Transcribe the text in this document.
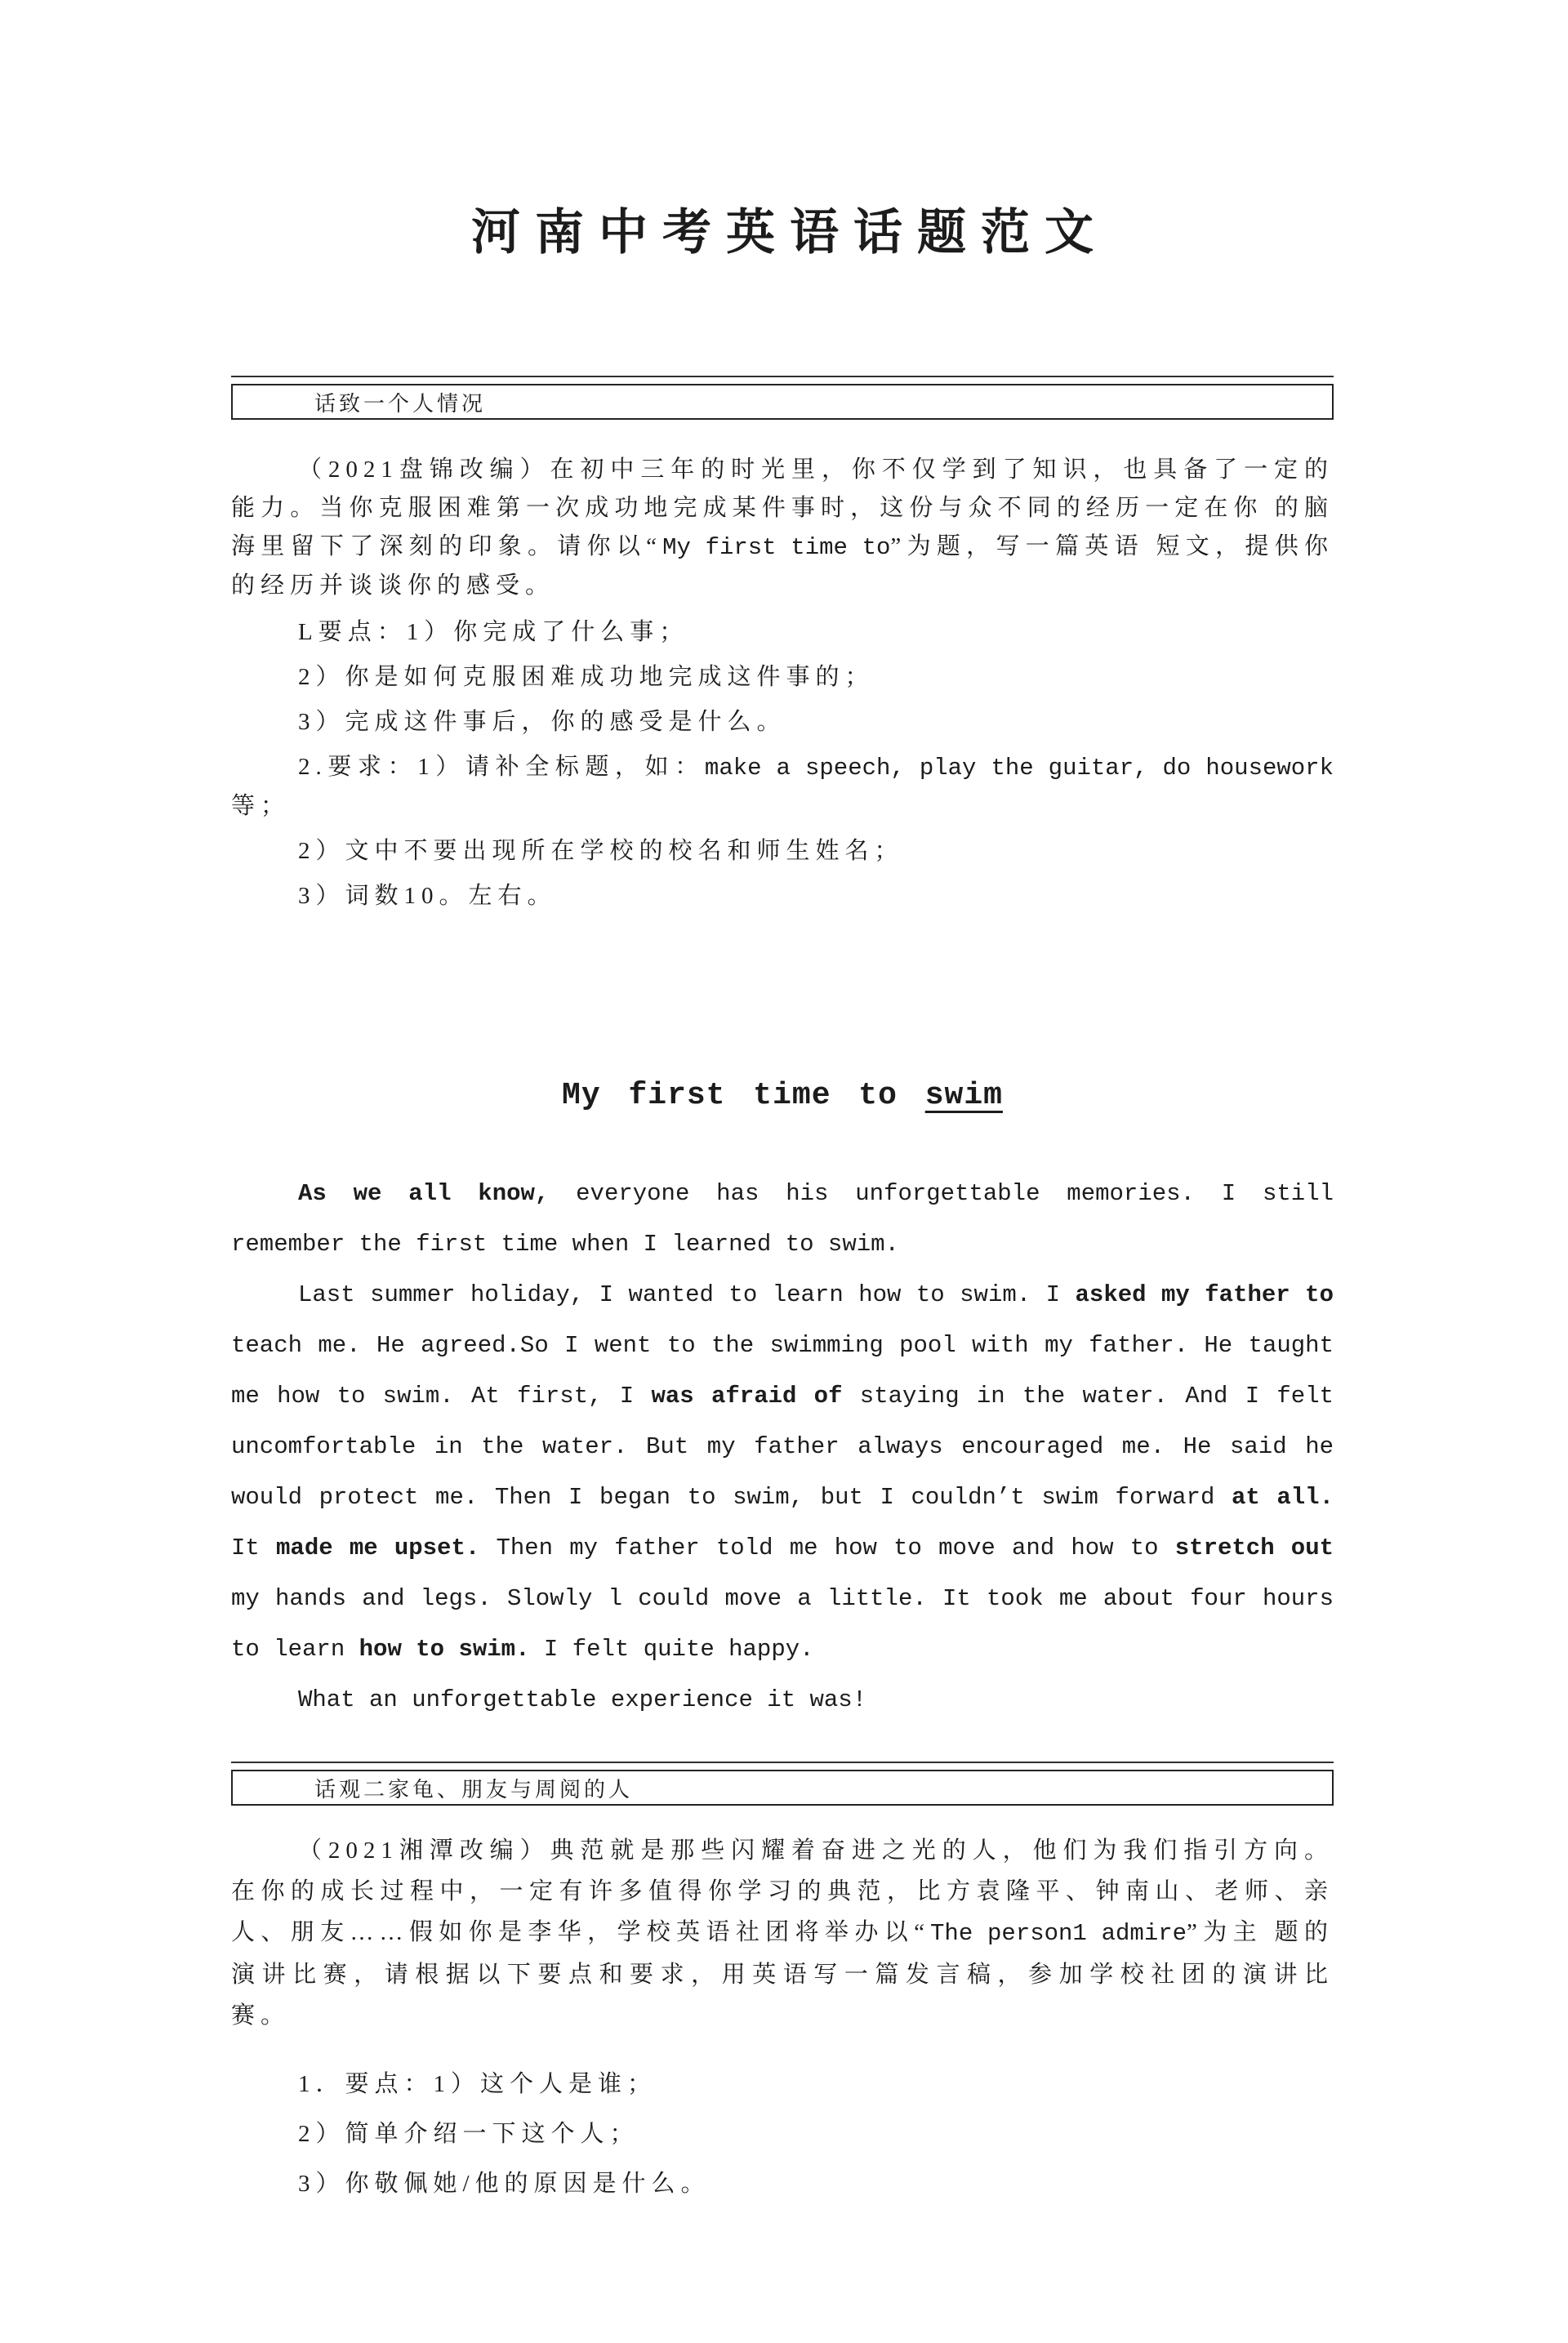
河南中考英语话题范文
话致一个人情况

（2021盘锦改编）在初中三年的时光里，你不仅学到了知识，也具备了一定的能力。当你克服困难第一次成功地完成某件事时，这份与众不同的经历一定在你 的脑海里留下了深刻的印象。请你以“My first time to”为题，写一篇英语 短文，提供你的经历并谈谈你的感受。

L要点：1）你完成了什么事；

2）你是如何克服困难成功地完成这件事的；

3）完成这件事后，你的感受是什么。

2.要求：1）请补全标题，如：make a speech, play the guitar, do housework 等；

2）文中不要出现所在学校的校名和师生姓名；

3）词数10。左右。

My first time to swim

As we all know, everyone has his unforgettable memories. I still remember the first time when I learned to swim.

Last summer holiday, I wanted to learn how to swim. I asked my father to teach me. He agreed.So I went to the swimming pool with my father. He taught me how to swim. At first, I was afraid of staying in the water. And I felt uncomfortable in the water. But my father always encouraged me. He said he would protect me. Then I began to swim, but I couldn’t swim forward at all. It made me upset. Then my father told me how to move and how to stretch out my hands and legs. Slowly l could move a little. It took me about four hours to learn how to swim. I felt quite happy.

What an unforgettable experience it was!

话观二家龟、朋友与周阅的人

（2021湘潭改编）典范就是那些闪耀着奋进之光的人，他们为我们指引方向。在你的成长过程中，一定有许多值得你学习的典范，比方袁隆平、钟南山、老师、亲人、朋友……假如你是李华，学校英语社团将举办以“The person1 admire”为主 题的演讲比赛，请根据以下要点和要求，用英语写一篇发言稿，参加学校社团的演讲比赛。

1．要点：1）这个人是谁；

2）简单介绍一下这个人；

3）你敬佩她/他的原因是什么。
